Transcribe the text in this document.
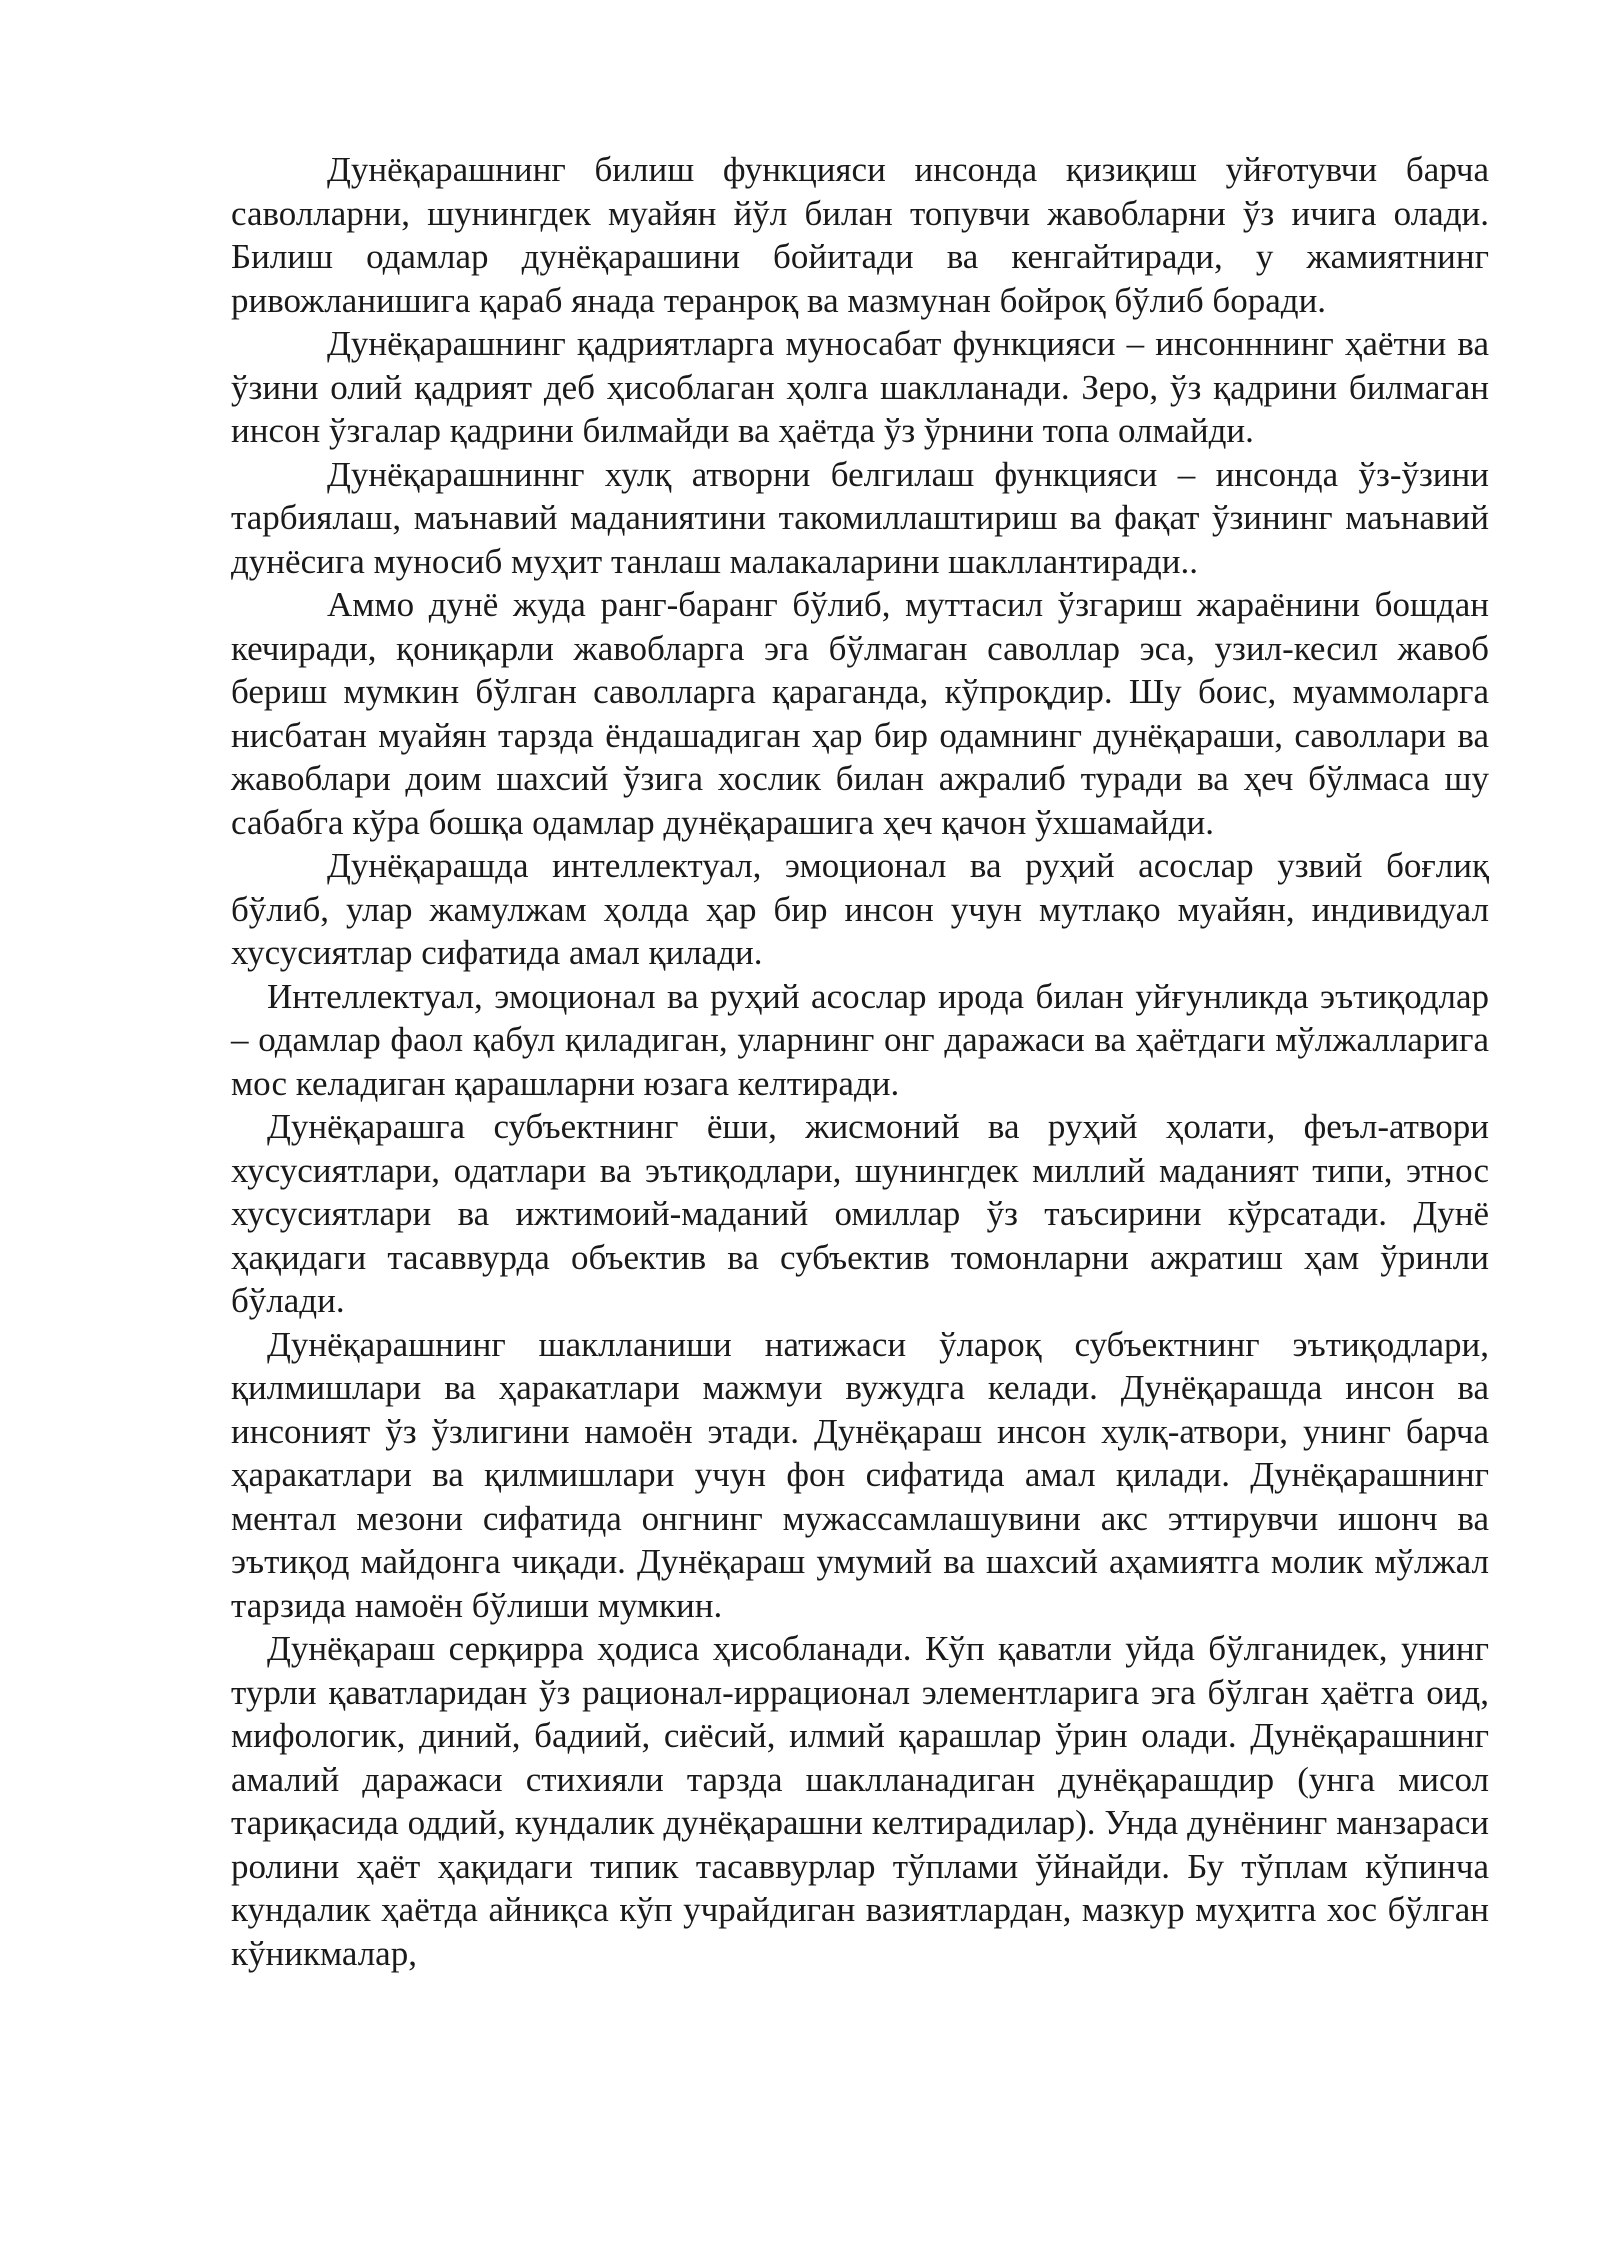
Дунёқарашнинг билиш функцияси инсонда қизиқиш уйғотувчи барча саволларни, шунингдек муайян йўл билан топувчи жавобларни ўз ичига олади. Билиш одамлар дунёқарашини бойитади ва кенгайтиради, у жамиятнинг ривожланишига қараб янада теранроқ ва мазмунан бойроқ бўлиб боради.

Дунёқарашнинг қадриятларга муносабат функцияси – инсонннинг ҳаётни ва ўзини олий қадрият деб ҳисоблаган ҳолга шаклланади. Зеро, ўз қадрини билмаган инсон ўзгалар қадрини билмайди ва ҳаётда ўз ўрнини топа олмайди.

Дунёқарашниннг хулқ атворни белгилаш функцияси – инсонда ўз-ўзини тарбиялаш, маънавий маданиятини такомиллаштириш ва фақат ўзининг маънавий дунёсига муносиб муҳит танлаш малакаларини шакллантиради..

Аммо дунё жуда ранг-баранг бўлиб, муттасил ўзгариш жараёнини бошдан кечиради, қониқарли жавобларга эга бўлмаган саволлар эса, узил-кесил жавоб бериш мумкин бўлган саволларга қараганда, кўпроқдир. Шу боис, муаммоларга нисбатан муайян тарзда ёндашадиган ҳар бир одамнинг дунёқараши, саволлари ва жавоблари доим шахсий ўзига хослик билан ажралиб туради ва ҳеч бўлмаса шу сабабга кўра бошқа одамлар дунёқарашига ҳеч қачон ўхшамайди.

Дунёқарашда интеллектуал, эмоционал ва руҳий асослар узвий боғлиқ бўлиб, улар жамулжам ҳолда ҳар бир инсон учун мутлақо муайян, индивидуал хусусиятлар сифатида амал қилади.

Интеллектуал, эмоционал ва руҳий асослар ирода билан уйғунликда эътиқодлар – одамлар фаол қабул қиладиган, уларнинг онг даражаси ва ҳаётдаги мўлжалларига мос келадиган қарашларни юзага келтиради.

Дунёқарашга субъектнинг ёши, жисмоний ва руҳий ҳолати, феъл-атвори хусусиятлари, одатлари ва эътиқодлари, шунингдек миллий маданият типи, этнос хусусиятлари ва ижтимоий-маданий омиллар ўз таъсирини кўрсатади. Дунё ҳақидаги тасаввурда объектив ва субъектив томонларни ажратиш ҳам ўринли бўлади.

Дунёқарашнинг шаклланиши натижаси ўлароқ субъектнинг эътиқодлари, қилмишлари ва ҳаракатлари мажмуи вужудга келади. Дунёқарашда инсон ва инсоният ўз ўзлигини намоён этади. Дунёқараш инсон хулқ-атвори, унинг барча ҳаракатлари ва қилмишлари учун фон сифатида амал қилади. Дунёқарашнинг ментал мезони сифатида онгнинг мужассамлашувини акс эттирувчи ишонч ва эътиқод майдонга чиқади. Дунёқараш умумий ва шахсий аҳамиятга молик мўлжал тарзида намоён бўлиши мумкин.

Дунёқараш серқирра ҳодиса ҳисобланади. Кўп қаватли уйда бўлганидек, унинг турли қаватларидан ўз рационал-иррационал элементларига эга бўлган ҳаётга оид, мифологик, диний, бадиий, сиёсий, илмий қарашлар ўрин олади. Дунёқарашнинг амалий даражаси стихияли тарзда шаклланадиган дунёқарашдир (унга мисол тариқасида оддий, кундалик дунёқарашни келтирадилар). Унда дунёнинг манзараси ролини ҳаёт ҳақидаги типик тасаввурлар тўплами ўйнайди. Бу тўплам кўпинча кундалик ҳаётда айниқса кўп учрайдиган вазиятлардан, мазкур муҳитга хос бўлган кўникмалар,
